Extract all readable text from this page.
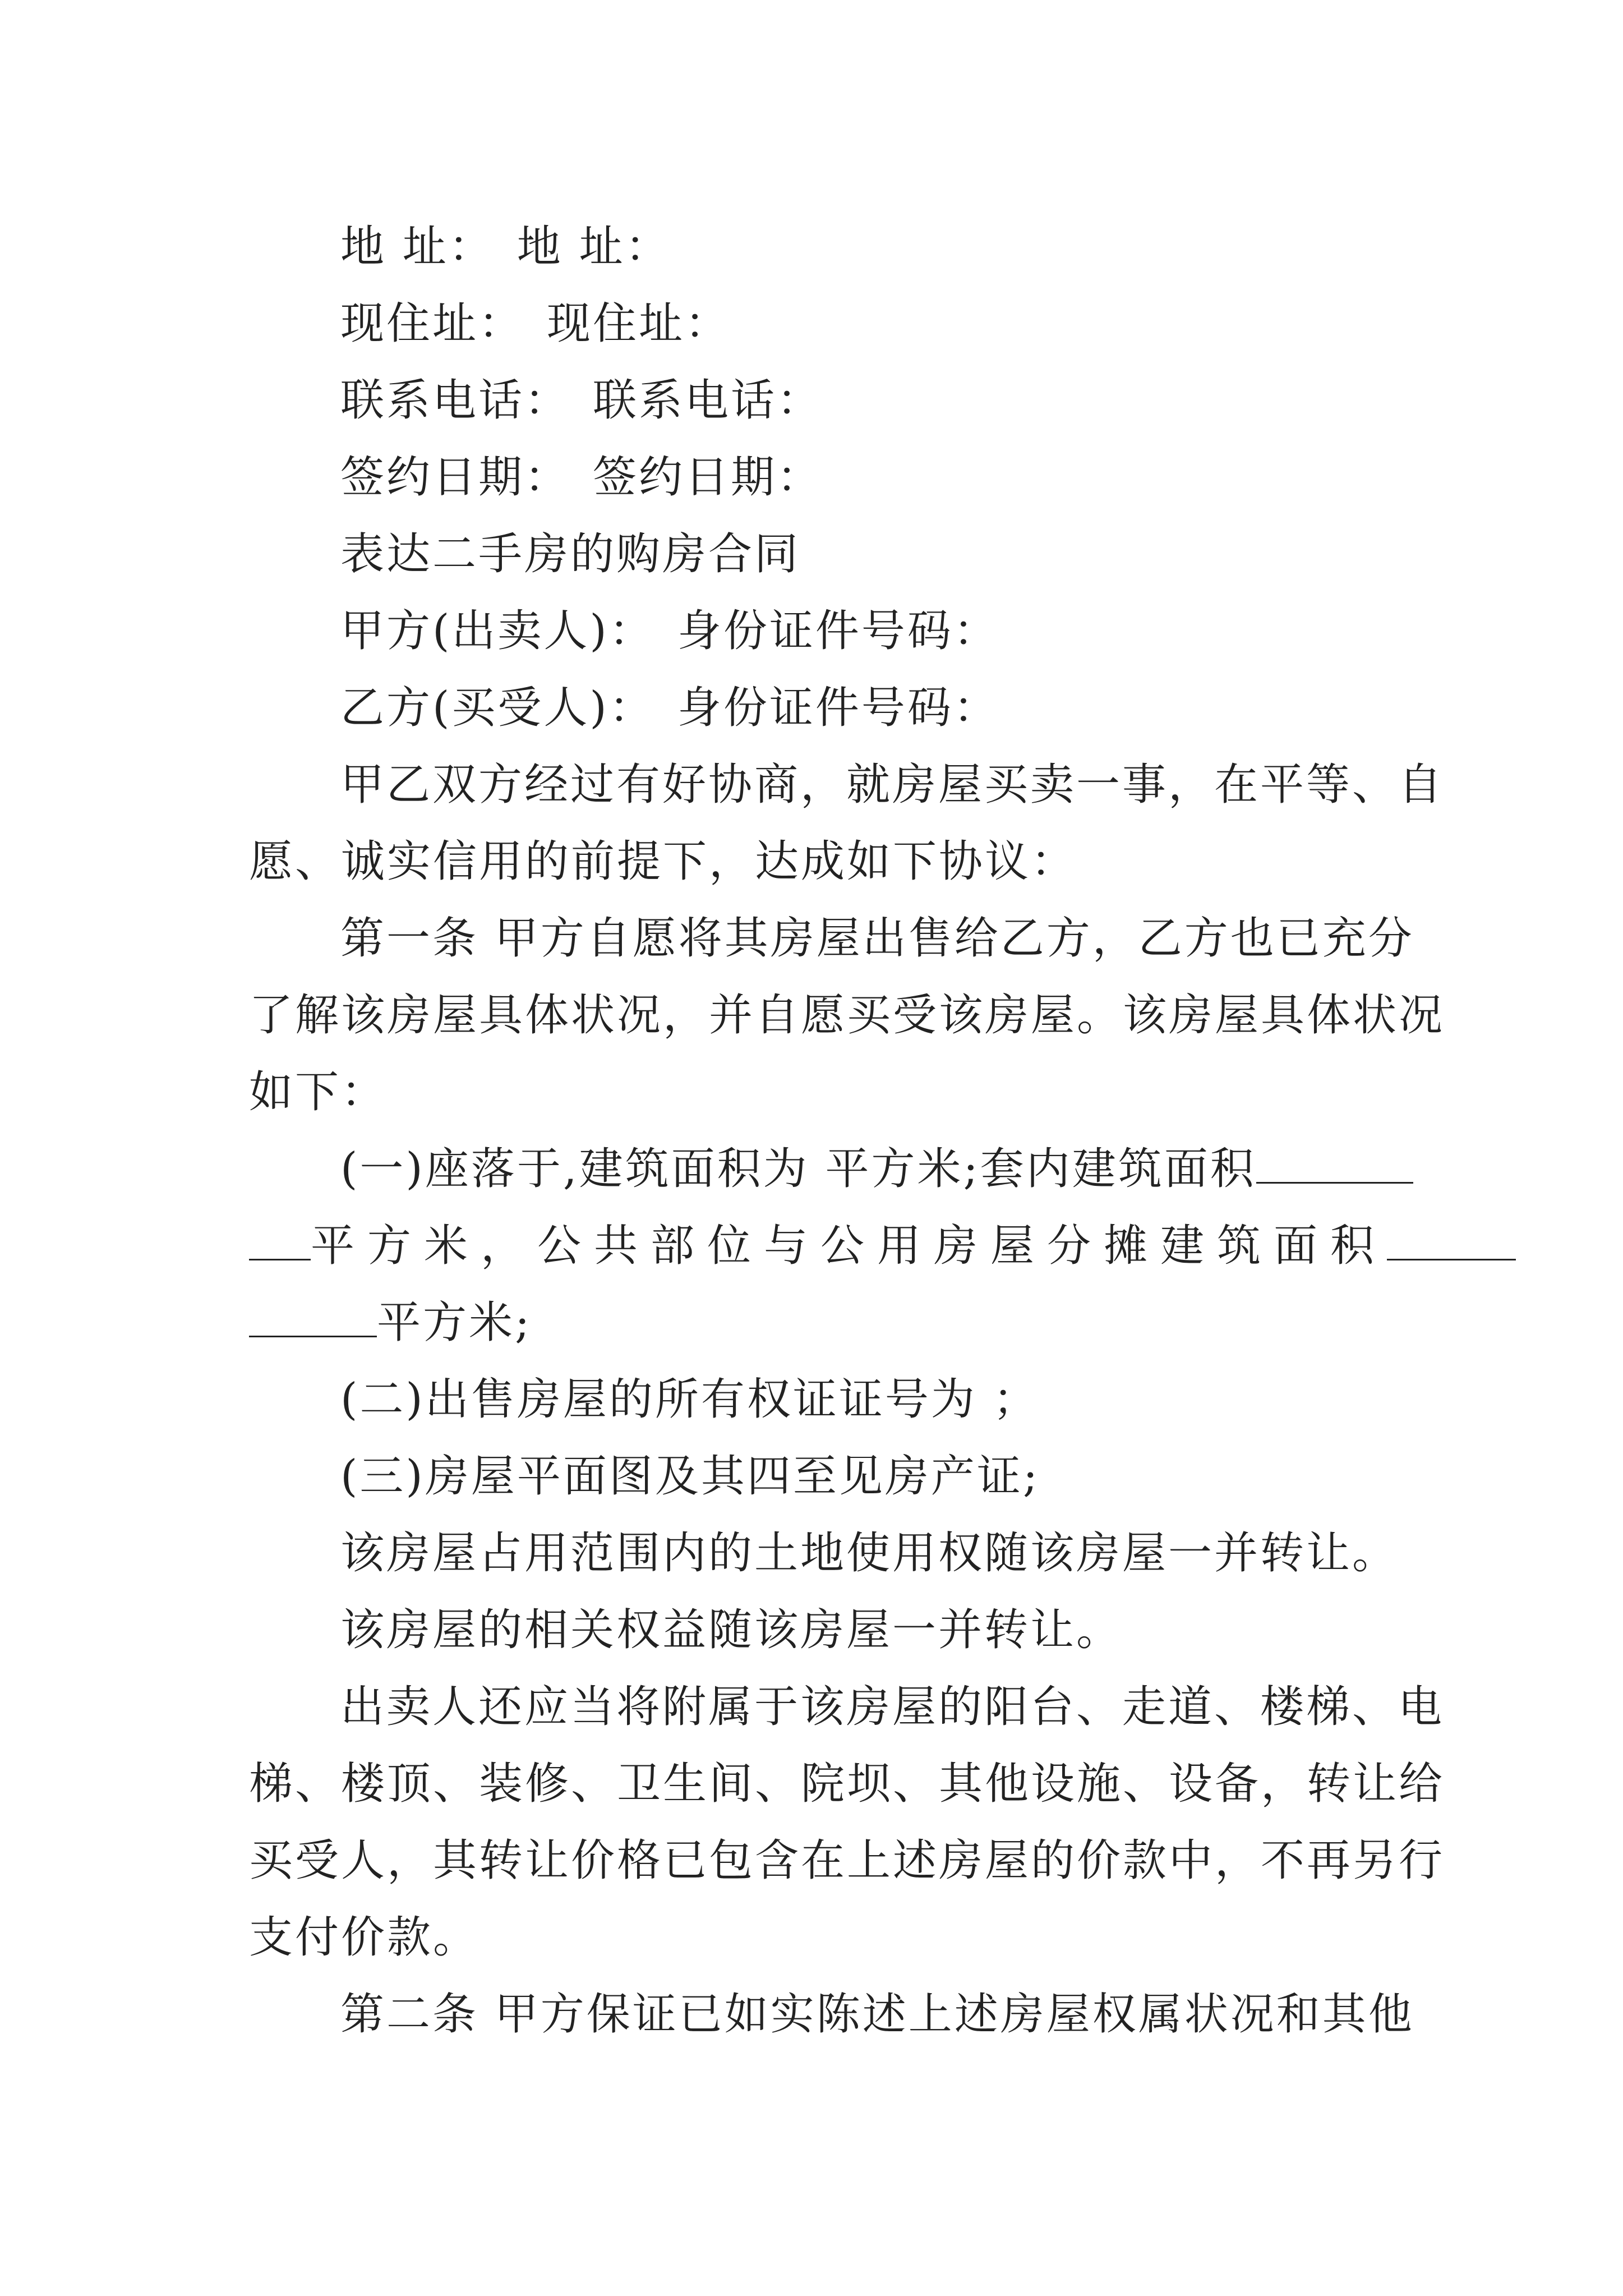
地 址： 地 址：
现住址： 现住址：
联系电话： 联系电话：
签约日期： 签约日期：
表达二手房的购房合同
甲方(出卖人)： 身份证件号码：
乙方(买受人)： 身份证件号码：
甲乙双方经过有好协商，就房屋买卖一事，在平等、自
愿、诚实信用的前提下，达成如下协议：
第一条 甲方自愿将其房屋出售给乙方，乙方也已充分
了解该房屋具体状况，并自愿买受该房屋。该房屋具体状况
如下：
(一)座落于,建筑面积为 平方米;套内建筑面积
平方米，公共部位与公用房屋分摊建筑面积
平方米;
(二)出售房屋的所有权证证号为 ；
(三)房屋平面图及其四至见房产证;
该房屋占用范围内的土地使用权随该房屋一并转让。
该房屋的相关权益随该房屋一并转让。
出卖人还应当将附属于该房屋的阳台、走道、楼梯、电
梯、楼顶、装修、卫生间、院坝、其他设施、设备，转让给
买受人，其转让价格已包含在上述房屋的价款中，不再另行
支付价款。
第二条 甲方保证已如实陈述上述房屋权属状况和其他
